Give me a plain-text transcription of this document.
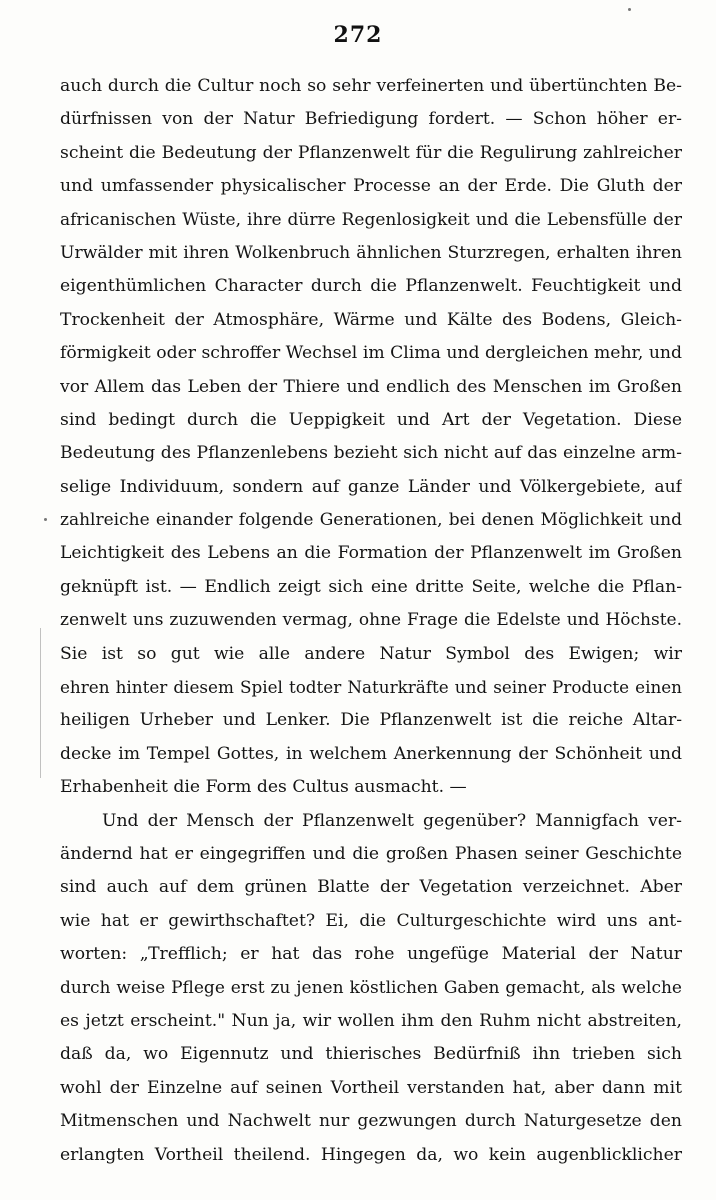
272
auch durch die Cultur noch so sehr verfeinerten und übertünchten Be-
dürfnissen von der Natur Befriedigung fordert. — Schon höher er-
scheint die Bedeutung der Pflanzenwelt für die Regulirung zahlreicher
und umfassender physicalischer Processe an der Erde. Die Gluth der
africanischen Wüste, ihre dürre Regenlosigkeit und die Lebensfülle der
Urwälder mit ihren Wolkenbruch ähnlichen Sturzregen, erhalten ihren
eigenthümlichen Character durch die Pflanzenwelt. Feuchtigkeit und
Trockenheit der Atmosphäre, Wärme und Kälte des Bodens, Gleich-
förmigkeit oder schroffer Wechsel im Clima und dergleichen mehr, und
vor Allem das Leben der Thiere und endlich des Menschen im Großen
sind bedingt durch die Ueppigkeit und Art der Vegetation. Diese
Bedeutung des Pflanzenlebens bezieht sich nicht auf das einzelne arm-
selige Individuum, sondern auf ganze Länder und Völkergebiete, auf
zahlreiche einander folgende Generationen, bei denen Möglichkeit und
Leichtigkeit des Lebens an die Formation der Pflanzenwelt im Großen
geknüpft ist. — Endlich zeigt sich eine dritte Seite, welche die Pflan-
zenwelt uns zuzuwenden vermag, ohne Frage die Edelste und Höchste.
Sie ist so gut wie alle andere Natur Symbol des Ewigen; wir
ehren hinter diesem Spiel todter Naturkräfte und seiner Producte einen
heiligen Urheber und Lenker. Die Pflanzenwelt ist die reiche Altar-
decke im Tempel Gottes, in welchem Anerkennung der Schönheit und
Erhabenheit die Form des Cultus ausmacht. —
Und der Mensch der Pflanzenwelt gegenüber? Mannigfach ver-
ändernd hat er eingegriffen und die großen Phasen seiner Geschichte
sind auch auf dem grünen Blatte der Vegetation verzeichnet. Aber
wie hat er gewirthschaftet? Ei, die Culturgeschichte wird uns ant-
worten: „Trefflich; er hat das rohe ungefüge Material der Natur
durch weise Pflege erst zu jenen köstlichen Gaben gemacht, als welche
es jetzt erscheint." Nun ja, wir wollen ihm den Ruhm nicht abstreiten,
daß da, wo Eigennutz und thierisches Bedürfniß ihn trieben sich
wohl der Einzelne auf seinen Vortheil verstanden hat, aber dann mit
Mitmenschen und Nachwelt nur gezwungen durch Naturgesetze den
erlangten Vortheil theilend. Hingegen da, wo kein augenblicklicher
